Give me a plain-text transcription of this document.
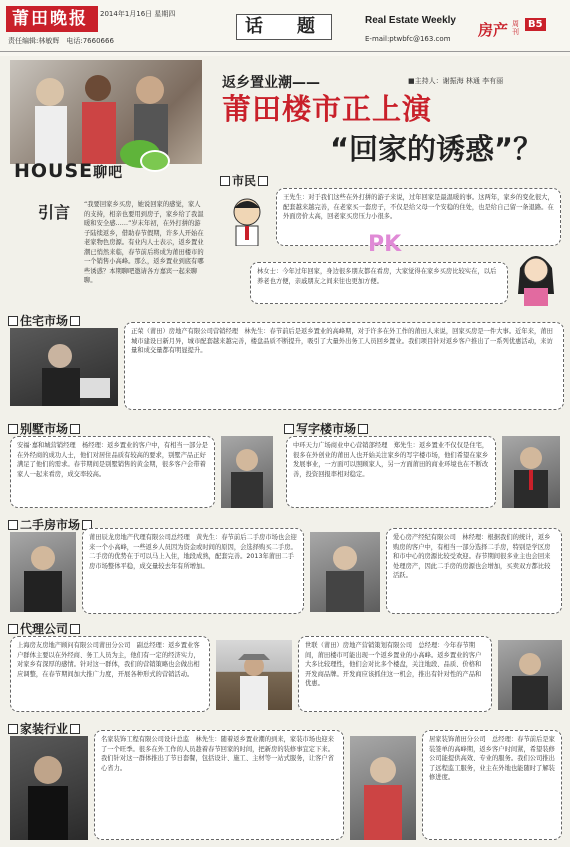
莆田晚报	2014年1月16日 星期四
责任编辑:林敏辉　电话:7660666
话　题	Real Estate Weekly
E-mail:ptwbfc@163.com 房产 周刊
B5
HOUSE聊吧
引言 “我要回家乡买房，她说回家的感觉，家人的支持，相亲也要用到房子，家乡给了我温暖和安全感……”岁末年初，在外打拼的游子陆续返乡，借助春节假期，许多人开始在老家物色房源。有业内人士表示，返乡置业潮已悄然来临，春节前后将成为莆田楼市的一个销售小高峰。那么，返乡置业到底有哪些诱惑？本期聊吧邀请各方嘉宾一起来聊聊。
返乡置业潮——	■主持人：谢振海 林通 李有丽
莆田楼市正上演
“回家的诱惑”？
市民
王先生：对于我们这些在外打拼的游子来说，过年回家是最温暖的事。这两年，家乡的变化很大，配套越来越完善，在老家买一套房子，不仅是给父母一个安稳的住处，也是给自己留一条退路。在外面房价太高，回老家买房压力小很多。
PK
林女士：今年过年回家，身边很多朋友都在看房，大家觉得在家乡买房比较实在，以后养老也方便，亲戚朋友之间来往也更加方便。
住宅市场
正荣（莆田）房地产有限公司营销经理　林先生：春节前后是返乡置业的高峰期，对于许多在外工作的莆田人来说，回家买房是一件大事。近年来，莆田城市建设日新月异，城市配套越来越完善，楼盘品质不断提升，吸引了大量外出务工人员回乡置业。我们项目针对返乡客户推出了一系列优惠活动，来访量和成交量都有明显提升。
别墅市场
安福·嘉和城营销经理　杨经理：返乡置业的客户中，有相当一部分是在外经商的成功人士，他们对居住品质有较高的要求，别墅产品正好满足了他们的需求。春节期间是别墅销售的黄金期，很多客户会带着家人一起来看房，成交率较高。
写字楼市场
中环天力广场商业中心营销部经理　郑先生：返乡置业不仅仅是住宅，很多在外创业的莆田人也开始关注家乡的写字楼市场，他们希望在家乡发展事业，一方面可以照顾家人，另一方面莆田的商业环境也在不断改善，投资回报率相对稳定。
二手房市场
莆田辰龙房地产代理有限公司总经理　黄先生：春节前后二手房市场也会迎来一个小高峰，一些返乡人员因为资金或时间的原因，会选择购买二手房。二手房的优势在于可以马上入住，地段成熟，配套完善。2013年莆田二手房市场整体平稳，成交量较去年有所增加。
爱心房产经纪有限公司　林经理：根据我们的统计，返乡购房的客户中，有相当一部分选择二手房，特别是学区房和市中心的房源比较受欢迎。春节期间很多业主也会回来处理房产，因此二手房的房源也会增加，买卖双方都比较活跃。
代理公司
上海房友房地产顾问有限公司莆田分公司　副总经理：返乡置业客户群体主要以在外经商、务工人员为主，他们有一定的经济实力，对家乡有深厚的感情。针对这一群体，我们的营销策略也会做出相应调整，在春节期间加大推广力度，开展各种形式的营销活动。
世联（莆田）房地产营销策划有限公司　总经理：今年春节期间，莆田楼市可能出现一个返乡置业的小高峰。返乡置业的客户大多比较理性，他们会对比多个楼盘，关注地段、品质、价格和开发商品牌。开发商应该抓住这一机会，推出有针对性的产品和优惠。
家装行业
名家装饰工程有限公司设计总监　林先生：随着返乡置业潮的到来，家装市场也迎来了一个旺季。很多在外工作的人员趁着春节回家的时间，把新房的装修事宜定下来。我们针对这一群体推出了节日套餐，包括设计、施工、主材等一站式服务，让客户省心省力。
居家装饰莆田分公司　总经理：春节前后是家装签单的高峰期，返乡客户时间紧，希望装修公司能提供高效、专业的服务。我们公司推出了远程监工服务，业主在外地也能随时了解装修进度。
